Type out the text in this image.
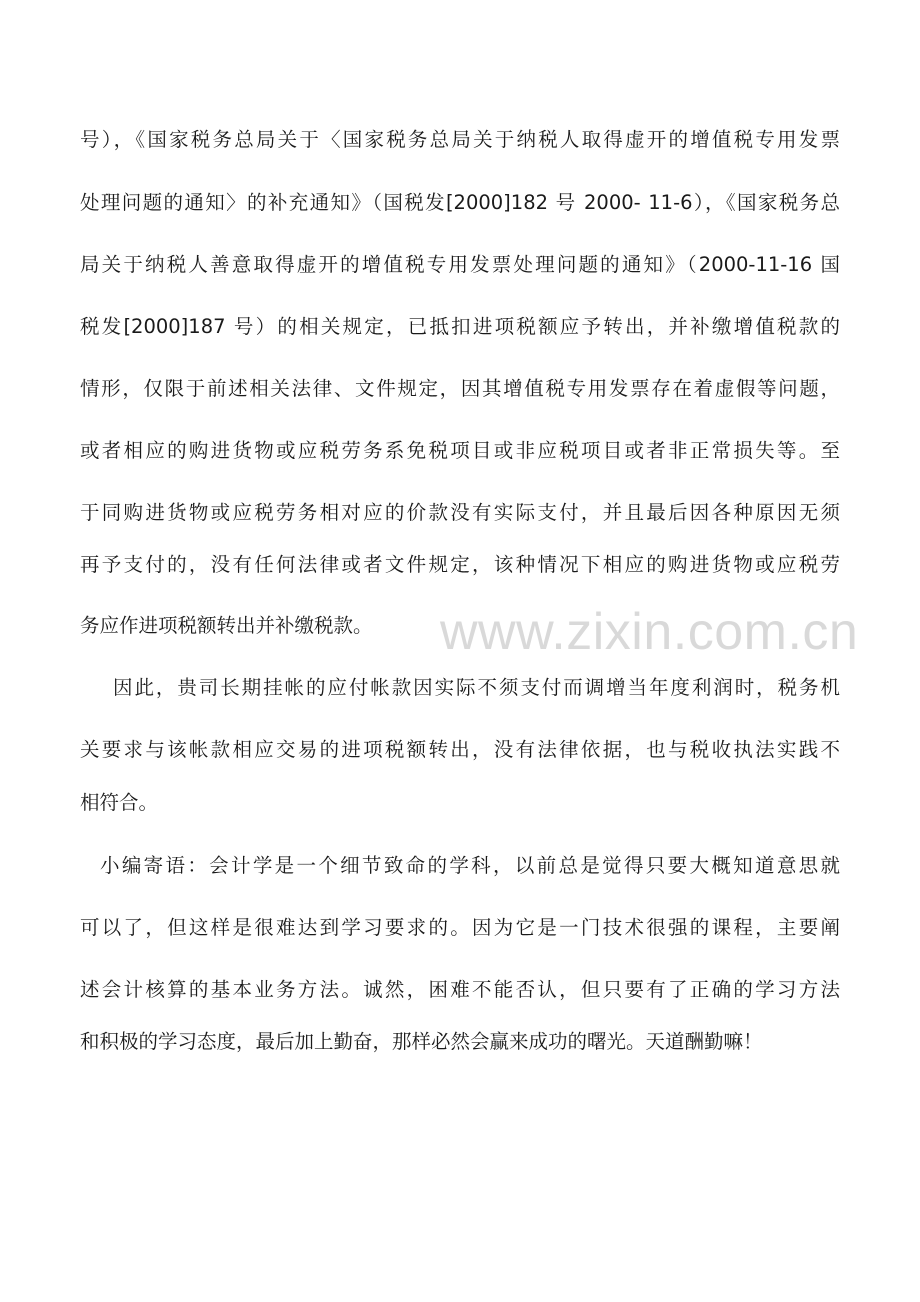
www.zixin.com.cn
号），《国家税务总局关于〈国家税务总局关于纳税人取得虚开的增值税专用发票
处理问题的通知〉的补充通知》（国税发[2000]182 号 2000- 11-6），《国家税务总
局关于纳税人善意取得虚开的增值税专用发票处理问题的通知》（2000-11-16 国
税发[2000]187 号）的相关规定，已抵扣进项税额应予转出，并补缴增值税款的
情形，仅限于前述相关法律、文件规定，因其增值税专用发票存在着虚假等问题，
或者相应的购进货物或应税劳务系免税项目或非应税项目或者非正常损失等。至
于同购进货物或应税劳务相对应的价款没有实际支付，并且最后因各种原因无须
再予支付的，没有任何法律或者文件规定，该种情况下相应的购进货物或应税劳
务应作进项税额转出并补缴税款。
因此，贵司长期挂帐的应付帐款因实际不须支付而调增当年度利润时，税务机
关要求与该帐款相应交易的进项税额转出，没有法律依据，也与税收执法实践不
相符合。
小编寄语：会计学是一个细节致命的学科，以前总是觉得只要大概知道意思就
可以了，但这样是很难达到学习要求的。因为它是一门技术很强的课程，主要阐
述会计核算的基本业务方法。诚然，困难不能否认，但只要有了正确的学习方法
和积极的学习态度，最后加上勤奋，那样必然会赢来成功的曙光。天道酬勤嘛！
